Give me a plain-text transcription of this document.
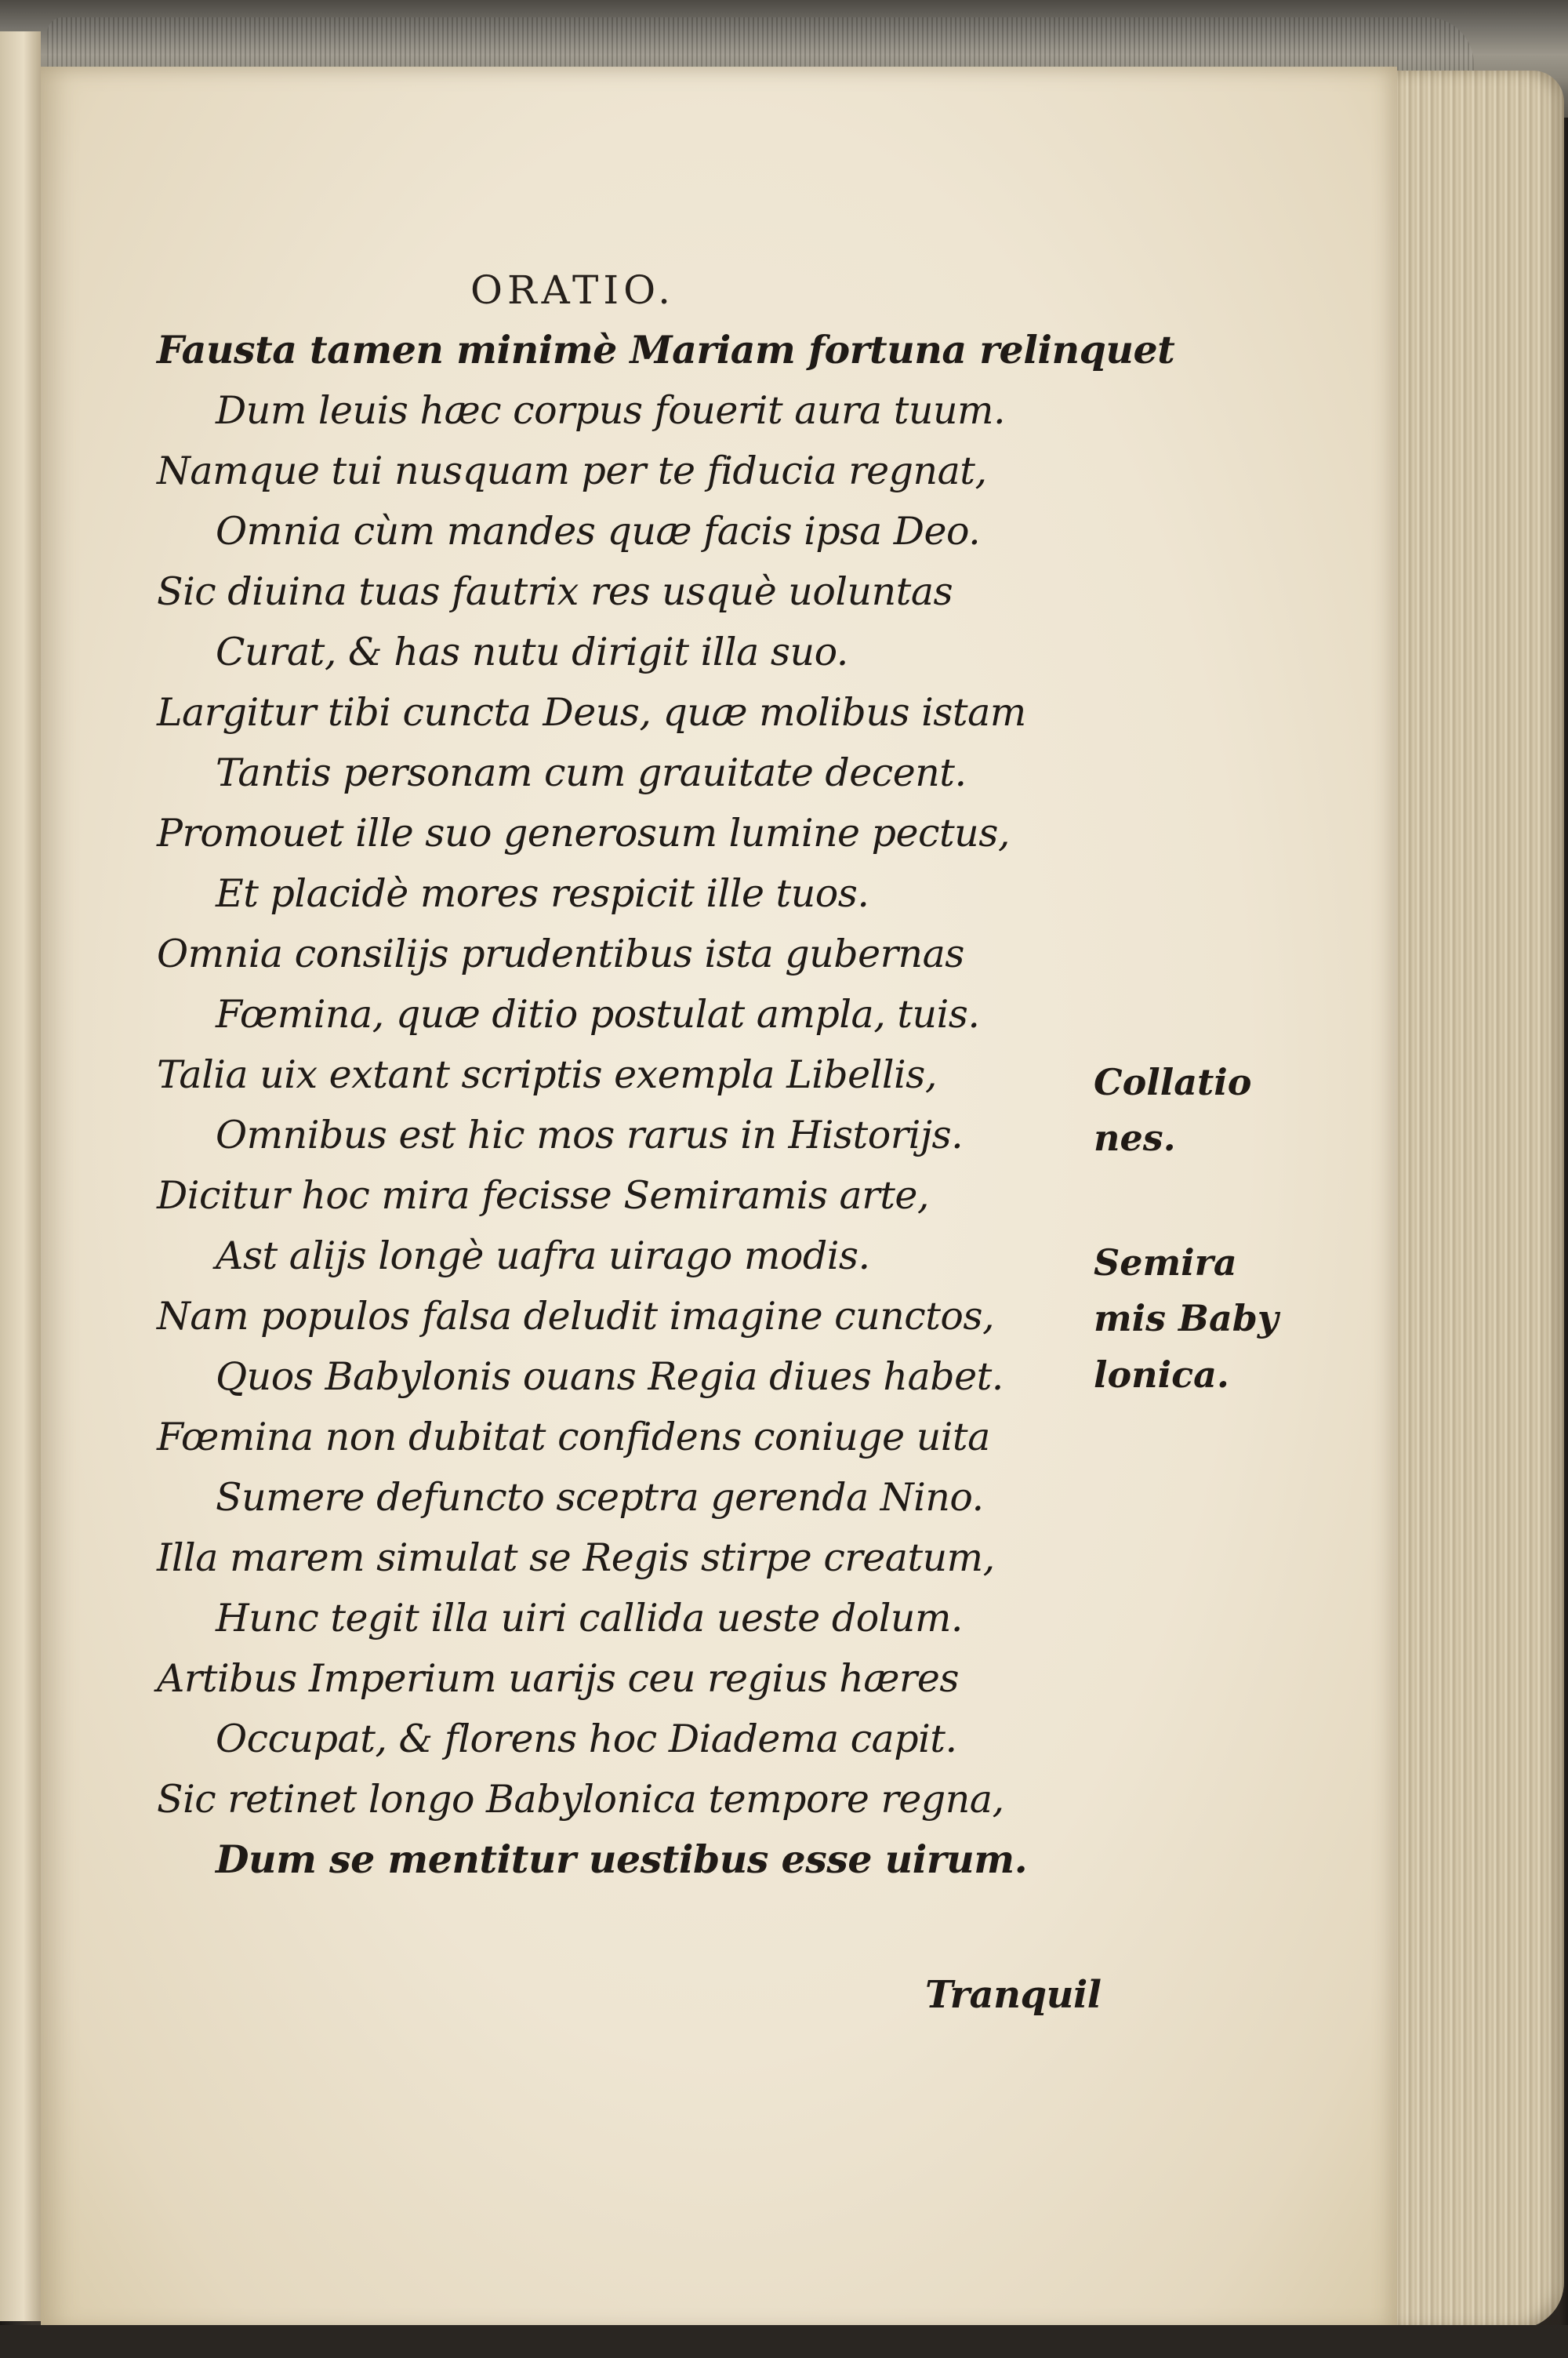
ORATIO.
Fausta tamen minimè Mariam fortuna relinquet
Dum leuis hæc corpus fouerit aura tuum.
Namque tui nusquam per te fiducia regnat,
Omnia cùm mandes quæ facis ipsa Deo.
Sic diuina tuas fautrix res usquè uoluntas
Curat, & has nutu dirigit illa suo.
Largitur tibi cuncta Deus, quæ molibus istam
Tantis personam cum grauitate decent.
Promouet ille suo generosum lumine pectus,
Et placidè mores respicit ille tuos.
Omnia consilijs prudentibus ista gubernas
Fœmina, quæ ditio postulat ampla, tuis.
Talia uix extant scriptis exempla Libellis,
Omnibus est hic mos rarus in Historijs.
Dicitur hoc mira fecisse Semiramis arte,
Ast alijs longè uafra uirago modis.
Nam populos falsa deludit imagine cunctos,
Quos Babylonis ouans Regia diues habet.
Fœmina non dubitat confidens coniuge uita
Sumere defuncto sceptra gerenda Nino.
Illa marem simulat se Regis stirpe creatum,
Hunc tegit illa uiri callida ueste dolum.
Artibus Imperium uarijs ceu regius hæres
Occupat, & florens hoc Diadema capit.
Sic retinet longo Babylonica tempore regna,
Dum se mentitur uestibus esse uirum.
Collatio
nes.
Semira
mis Baby
lonica.
Tranquil
